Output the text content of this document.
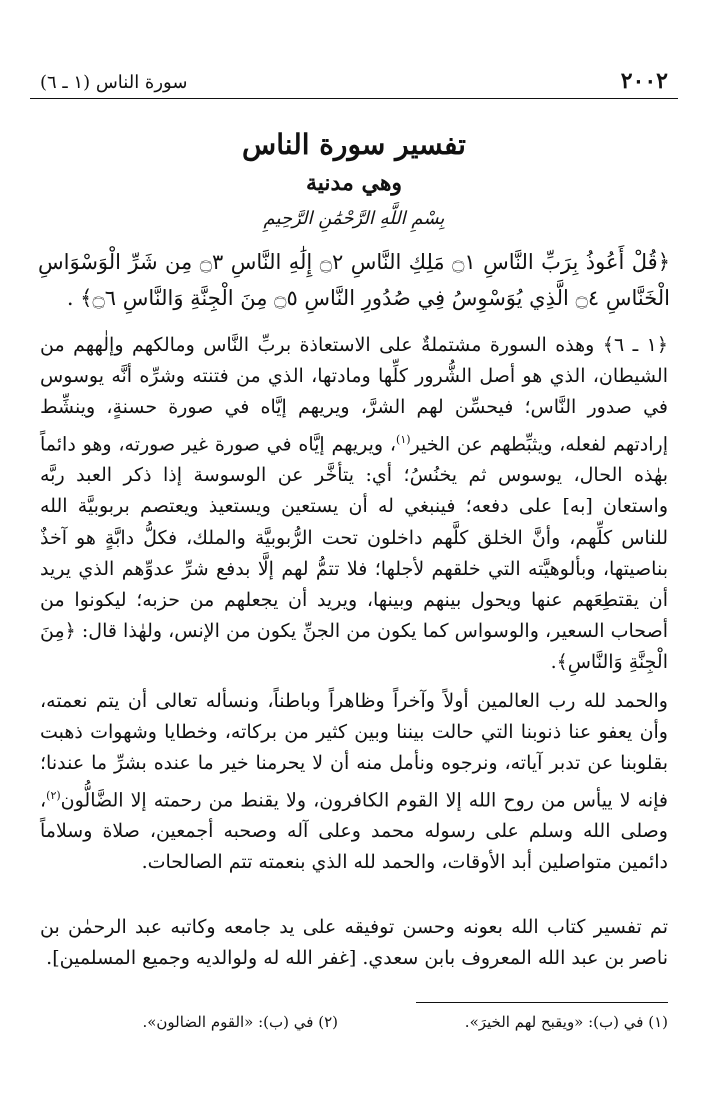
٢٠٠٢
سورة الناس (١ ـ ٦)
تفسير سورة الناس
وهي مدنية
بِسْمِ اللَّهِ الرَّحْمَٰنِ الرَّحِيمِ
﴿قُلْ أَعُوذُ بِرَبِّ النَّاسِ ۝١ مَلِكِ النَّاسِ ۝٢ إِلَٰهِ النَّاسِ ۝٣ مِن شَرِّ الْوَسْوَاسِ الْخَنَّاسِ ۝٤ الَّذِي يُوَسْوِسُ فِي صُدُورِ النَّاسِ ۝٥ مِنَ الْجِنَّةِ وَالنَّاسِ ۝٦﴾ .
﴿١ ـ ٦﴾ وهذه السورة مشتملةٌ على الاستعاذة بربِّ النَّاس ومالكهم وإلٰههم من الشيطان، الذي هو أصل الشُّرور كلِّها ومادتها، الذي من فتنته وشرِّه أنَّه يوسوس في صدور النَّاس؛ فيحسِّن لهم الشرَّ، ويريهم إيَّاه في صورة حسنةٍ، وينشِّط إرادتهم لفعله، ويثبِّطهم عن الخير$^{(١)}$، ويريهم إيَّاه في صورة غير صورته، وهو دائماً بهٰذه الحال، يوسوس ثم يخنُسُ؛ أي: يتأخَّر عن الوسوسة إذا ذكر العبد ربَّه واستعان [به] على دفعه؛ فينبغي له أن يستعين ويستعيذ ويعتصم بربوبيَّة الله للناس كلِّهم، وأنَّ الخلق كلَّهم داخلون تحت الرُّبوبيَّة والملك، فكلُّ دابَّةٍ هو آخذٌ بناصيتها، وبألوهيَّته التي خلقهم لأجلها؛ فلا تتمُّ لهم إلَّا بدفع شرِّ عدوِّهم الذي يريد أن يقتطِعَهم عنها ويحول بينهم وبينها، ويريد أن يجعلهم من حزبه؛ ليكونوا من أصحاب السعير، والوسواس كما يكون من الجنِّ يكون من الإنس، ولهٰذا قال: ﴿مِنَ الْجِنَّةِ وَالنَّاسِ﴾.
والحمد لله رب العالمين أولاً وآخراً وظاهراً وباطناً، ونسأله تعالى أن يتم نعمته، وأن يعفو عنا ذنوبنا التي حالت بيننا وبين كثير من بركاته، وخطايا وشهوات ذهبت بقلوبنا عن تدبر آياته، ونرجوه ونأمل منه أن لا يحرمنا خير ما عنده بشرِّ ما عندنا؛ فإنه لا ييأس من روح الله إلا القوم الكافرون، ولا يقنط من رحمته إلا الضَّالُّون$^{(٢)}$، وصلى الله وسلم على رسوله محمد وعلى آله وصحبه أجمعين، صلاة وسلاماً دائمين متواصلين أبد الأوقات، والحمد لله الذي بنعمته تتم الصالحات.
تم تفسير كتاب الله بعونه وحسن توفيقه على يد جامعه وكاتبه عبد الرحمٰن بن ناصر بن عبد الله المعروف بابن سعدي. [غفر الله له ولوالديه وجميع المسلمين].
(١) في (ب): «ويقبح لهم الخيرَ».
(٢) في (ب): «القوم الضالون».
